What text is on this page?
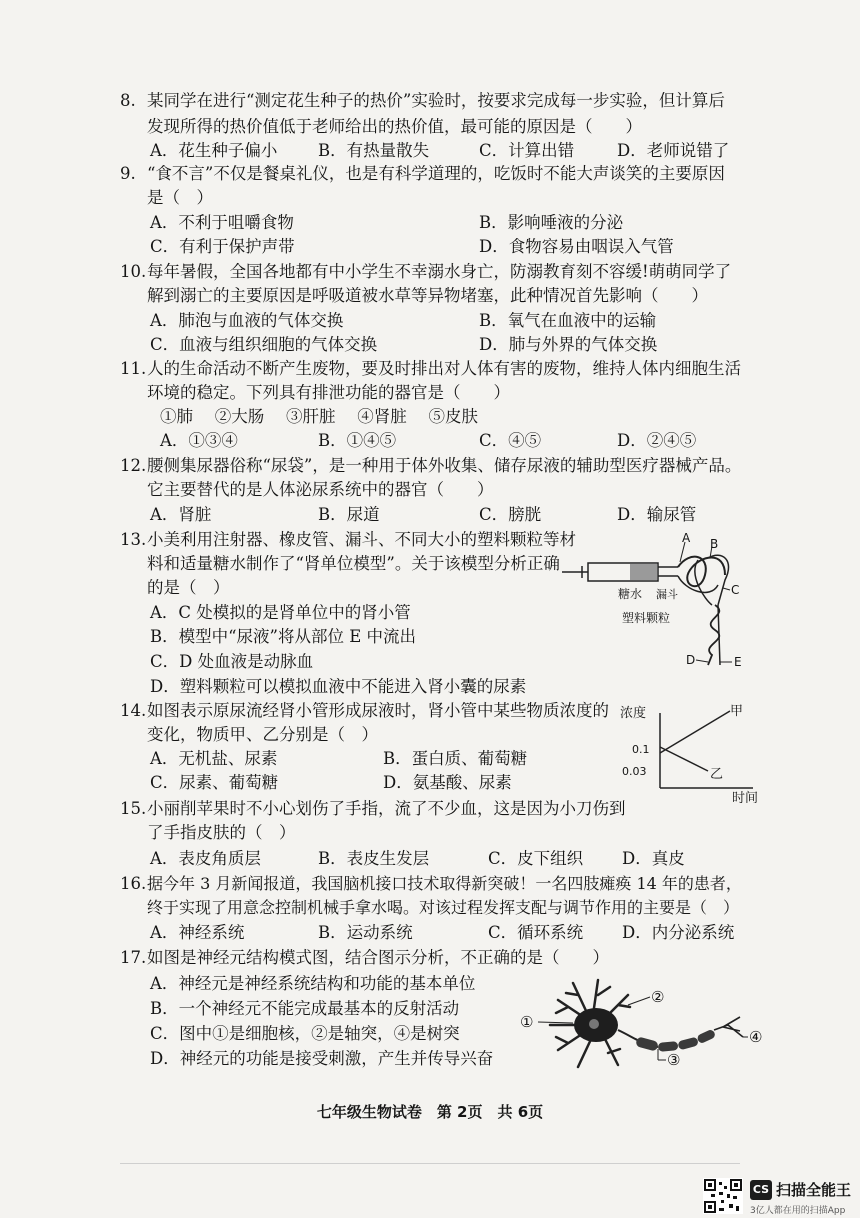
8. 某同学在进行“测定花生种子的热价”实验时，按要求完成每一步实验，但计算后
发现所得的热价值低于老师给出的热价值，最可能的原因是（　　）
A．花生种子偏小 B．有热量散失	C．计算出错	D．老师说错了
9. “食不言”不仅是餐桌礼仪，也是有科学道理的，吃饭时不能大声谈笑的主要原因
是（　）
A．不利于咀嚼食物	B．影响唾液的分泌
C．有利于保护声带	D．食物容易由咽误入气管
10. 每年暑假，全国各地都有中小学生不幸溺水身亡，防溺教育刻不容缓!萌萌同学了
解到溺亡的主要原因是呼吸道被水草等异物堵塞，此种情况首先影响（　　）
A．肺泡与血液的气体交换	B．氧气在血液中的运输
C．血液与组织细胞的气体交换	D．肺与外界的气体交换
11. 人的生命活动不断产生废物，要及时排出对人体有害的废物，维持人体内细胞生活
环境的稳定。下列具有排泄功能的器官是（　　）
①肺　 ②大肠　 ③肝脏　 ④肾脏　 ⑤皮肤
A．①③④	B．①④⑤	C．④⑤	D．②④⑤
12. 腰侧集尿器俗称“尿袋”，是一种用于体外收集、储存尿液的辅助型医疗器械产品。
它主要替代的是人体泌尿系统中的器官（　　）
A．肾脏	B．尿道	C．膀胱	D．输尿管
13. 小美利用注射器、橡皮管、漏斗、不同大小的塑料颗粒等材
料和适量糖水制作了“肾单位模型”。关于该模型分析正确
的是（　）
A．C 处模拟的是肾单位中的肾小管
B．模型中“尿液”将从部位 E 中流出
C．D 处血液是动脉血
D．塑料颗粒可以模拟血液中不能进入肾小囊的尿素
A B
C
D	E
糖水 漏斗
塑料颗粒
14. 如图表示原尿流经肾小管形成尿液时，肾小管中某些物质浓度的
变化，物质甲、乙分别是（　）
A．无机盐、尿素	B．蛋白质、葡萄糖
C．尿素、葡萄糖	D．氨基酸、尿素
浓度
0.1
0.03
甲
乙
时间
15. 小丽削苹果时不小心划伤了手指，流了不少血，这是因为小刀伤到
了手指皮肤的（　）
A．表皮角质层	B．表皮生发层	C．皮下组织 D．真皮
16. 据今年 3 月新闻报道，我国脑机接口技术取得新突破！一名四肢瘫痪 14 年的患者，
终于实现了用意念控制机械手拿水喝。对该过程发挥支配与调节作用的主要是（　）
A．神经系统	B．运动系统	C．循环系统 D．内分泌系统
17. 如图是神经元结构模式图，结合图示分析，不正确的是（　　）
A．神经元是神经系统结构和功能的基本单位
B．一个神经元不能完成最基本的反射活动
C．图中①是细胞核，②是轴突，④是树突
D．神经元的功能是接受刺激，产生并传导兴奋
①
②
③
④
七年级生物试卷　第 2页　共 6页
CS 扫描全能王
3亿人都在用的扫描App
